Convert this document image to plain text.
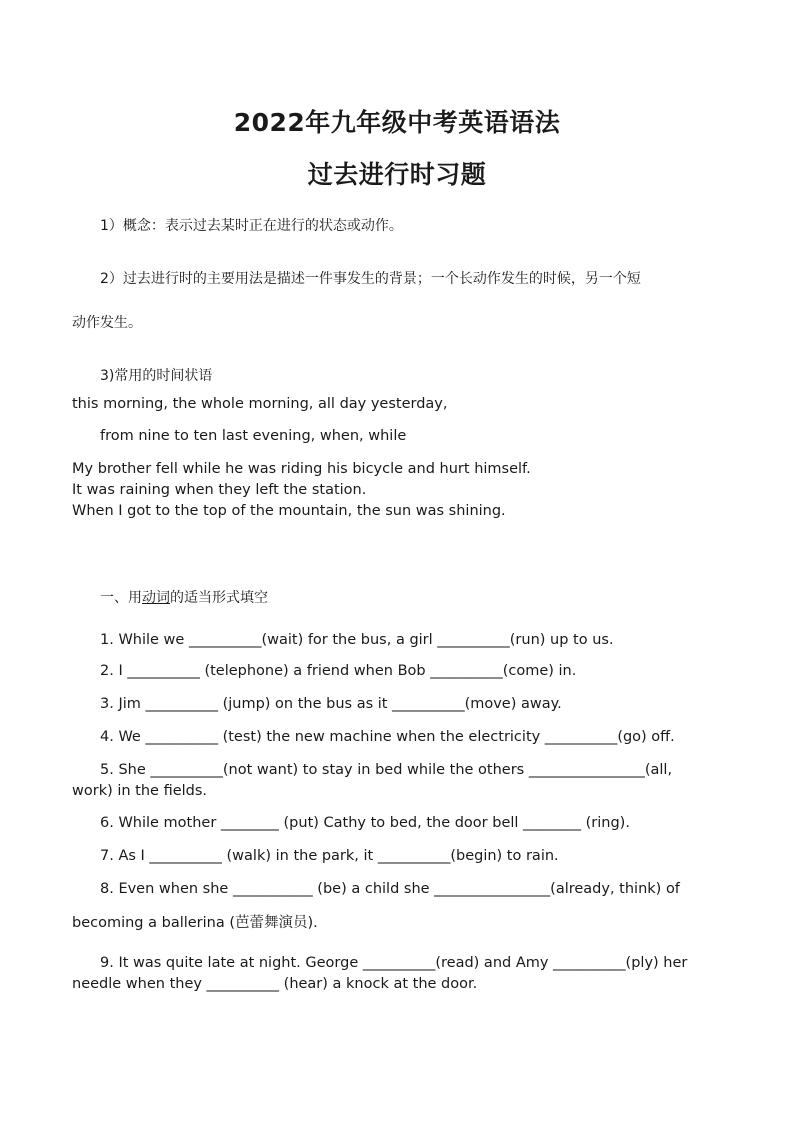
2022年九年级中考英语语法
过去进行时习题
1）概念：表示过去某时正在进行的状态或动作。
2）过去进行时的主要用法是描述一件事发生的背景；一个长动作发生的时候，另一个短
动作发生。
3)常用的时间状语
this morning, the whole morning, all day yesterday,
from nine to ten last evening, when, while
My brother fell while he was riding his bicycle and hurt himself.
It was raining when they left the station.
When I got to the top of the mountain, the sun was shining.
一、用动词的适当形式填空
1. While we __________(wait) for the bus, a girl __________(run) up to us.
2. I __________ (telephone) a friend when Bob __________(come) in.
3. Jim __________ (jump) on the bus as it __________(move) away.
4. We __________ (test) the new machine when the electricity __________(go) off.
5. She __________(not want) to stay in bed while the others ________________(all,
work) in the fields.
6. While mother ________ (put) Cathy to bed, the door bell ________ (ring).
7. As I __________ (walk) in the park, it __________(begin) to rain.
8. Even when she ___________ (be) a child she ________________(already, think) of
becoming a ballerina (芭蕾舞演员).
9. It was quite late at night. George __________(read) and Amy __________(ply) her
needle when they __________ (hear) a knock at the door.
